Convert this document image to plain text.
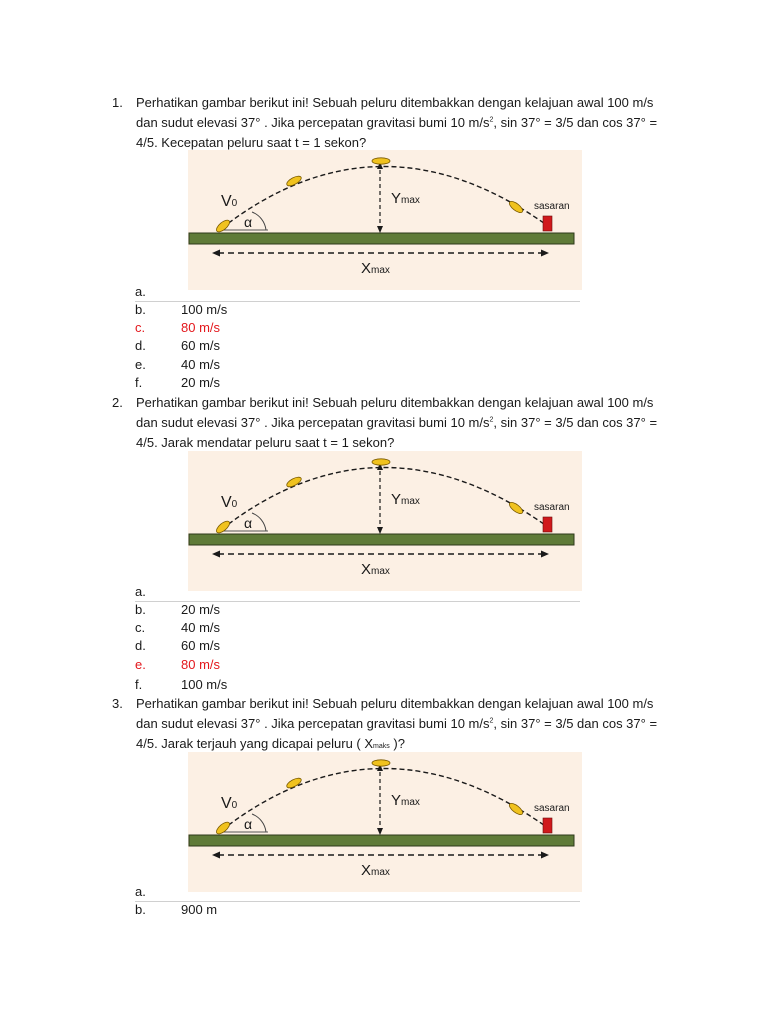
1. Perhatikan gambar berikut ini! Sebuah peluru ditembakkan dengan kelajuan awal 100 m/s dan sudut elevasi 37° . Jika percepatan gravitasi bumi 10 $m/s^2$, sin 37° = 3/5 dan cos 37° = 4/5. Kecepatan peluru saat t = 1 sekon?
V0
α
Ymax
Xmax
sasaran
a.
b.	100 m/s
c.	80 m/s
d.	60 m/s
e.	40 m/s
f.	20 m/s
2. Perhatikan gambar berikut ini! Sebuah peluru ditembakkan dengan kelajuan awal 100 m/s dan sudut elevasi 37° . Jika percepatan gravitasi bumi 10 $m/s^2$, sin 37° = 3/5 dan cos 37° = 4/5. Jarak mendatar peluru saat t = 1 sekon?
V0
α
Ymax
Xmax
sasaran
a.
b.	20 m/s
c.	40 m/s
d.	60 m/s
e.	80 m/s
f.	100 m/s
3. Perhatikan gambar berikut ini! Sebuah peluru ditembakkan dengan kelajuan awal 100 m/s dan sudut elevasi 37° . Jika percepatan gravitasi bumi 10 $m/s^2$, sin 37° = 3/5 dan cos 37° = 4/5. Jarak terjauh yang dicapai peluru ( Xmaks )?
V0
α
Ymax
Xmax
sasaran
a.
b.	900 m
